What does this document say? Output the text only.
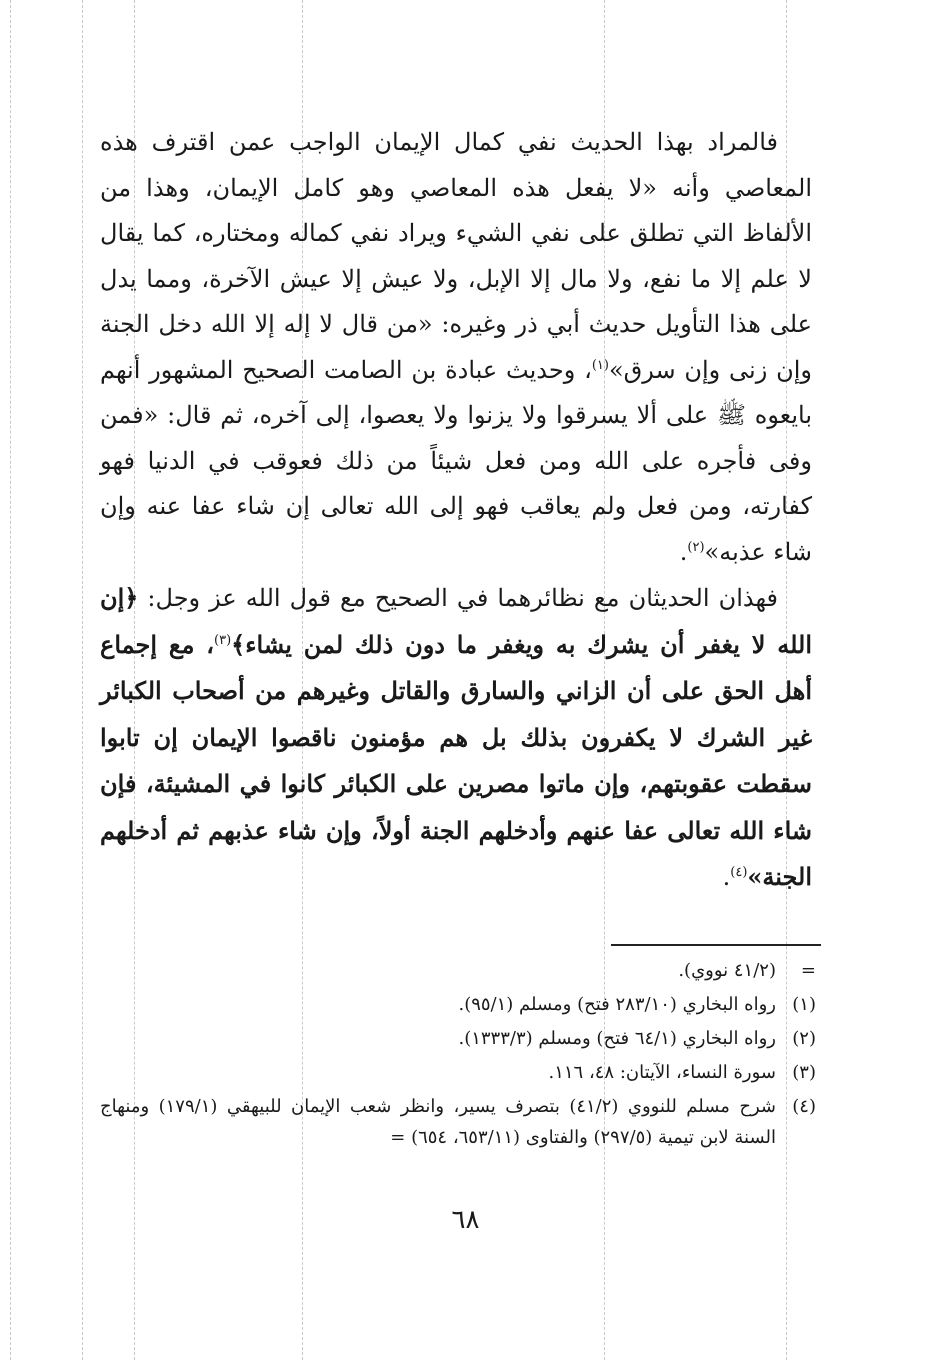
فالمراد بهذا الحديث نفي كمال الإيمان الواجب عمن اقترف هذه المعاصي وأنه «لا يفعل هذه المعاصي وهو كامل الإيمان، وهذا من الألفاظ التي تطلق على نفي الشيء ويراد نفي كماله ومختاره، كما يقال لا علم إلا ما نفع، ولا مال إلا الإبل، ولا عيش إلا عيش الآخرة، ومما يدل على هذا التأويل حديث أبي ذر وغيره: «من قال لا إله إلا الله دخل الجنة وإن زنى وإن سرق»$^{(١)}$، وحديث عبادة بن الصامت الصحيح المشهور أنهم بايعوه ﷺ على ألا يسرقوا ولا يزنوا ولا يعصوا، إلى آخره، ثم قال: «فمن وفى فأجره على الله ومن فعل شيئاً من ذلك فعوقب في الدنيا فهو كفارته، ومن فعل ولم يعاقب فهو إلى الله تعالى إن شاء عفا عنه وإن شاء عذبه»$^{(٢)}$.

فهذان الحديثان مع نظائرهما في الصحيح مع قول الله عز وجل: ﴿إن الله لا يغفر أن يشرك به ويغفر ما دون ذلك لمن يشاء﴾$^{(٣)}$، مع إجماع أهل الحق على أن الزاني والسارق والقاتل وغيرهم من أصحاب الكبائر غير الشرك لا يكفرون بذلك بل هم مؤمنون ناقصوا الإيمان إن تابوا سقطت عقوبتهم، وإن ماتوا مصرين على الكبائر كانوا في المشيئة، فإن شاء الله تعالى عفا عنهم وأدخلهم الجنة أولاً، وإن شاء عذبهم ثم أدخلهم الجنة»$^{(٤)}$.

=
(٤١/٢ نووي).
(١)
رواه البخاري (٢٨٣/١٠ فتح) ومسلم (٩٥/١).
(٢)
رواه البخاري (٦٤/١ فتح) ومسلم (١٣٣٣/٣).
(٣)
سورة النساء، الآيتان: ٤٨، ١١٦.
(٤)
شرح مسلم للنووي (٤١/٢) بتصرف يسير، وانظر شعب الإيمان للبيهقي (١٧٩/١) ومنهاج السنة لابن تيمية (٢٩٧/٥) والفتاوى (٦٥٣/١١، ٦٥٤) =
٦٨
